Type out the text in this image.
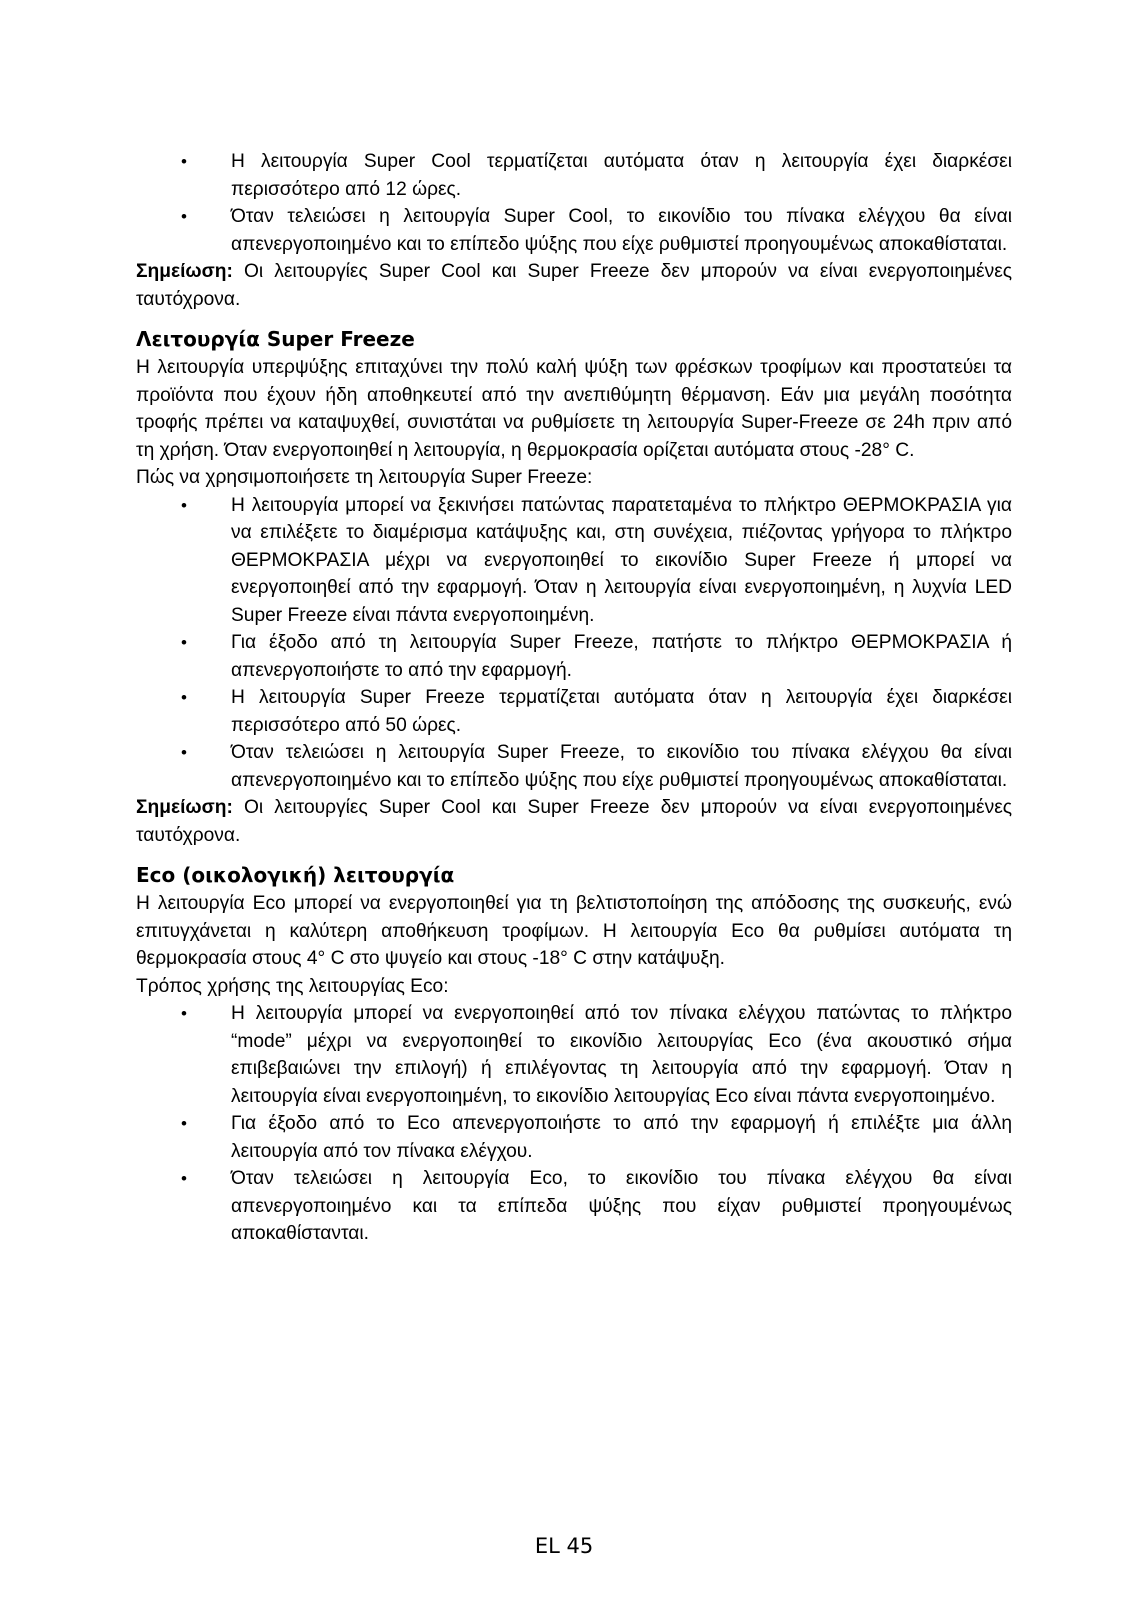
• Η λειτουργία Super Cool τερματίζεται αυτόματα όταν η λειτουργία έχει διαρκέσει περισσότερο από 12 ώρες.
• Όταν τελειώσει η λειτουργία Super Cool, το εικονίδιο του πίνακα ελέγχου θα είναι απενεργοποιημένο και το επίπεδο ψύξης που είχε ρυθμιστεί προηγουμένως αποκαθίσταται.

Σημείωση: Οι λειτουργίες Super Cool και Super Freeze δεν μπορούν να είναι ενεργοποιημένες ταυτόχρονα.

Λειτουργία Super Freeze

Η λειτουργία υπερψύξης επιταχύνει την πολύ καλή ψύξη των φρέσκων τροφίμων και προστατεύει τα προϊόντα που έχουν ήδη αποθηκευτεί από την ανεπιθύμητη θέρμανση. Εάν μια μεγάλη ποσότητα τροφής πρέπει να καταψυχθεί, συνιστάται να ρυθμίσετε τη λειτουργία Super-Freeze σε 24h πριν από τη χρήση. Όταν ενεργοποιηθεί η λειτουργία, η θερμοκρασία ορίζεται αυτόματα στους -28° C.

Πώς να χρησιμοποιήσετε τη λειτουργία Super Freeze:

• Η λειτουργία μπορεί να ξεκινήσει πατώντας παρατεταμένα το πλήκτρο ΘΕΡΜΟΚΡΑΣΙΑ για να επιλέξετε το διαμέρισμα κατάψυξης και, στη συνέχεια, πιέζοντας γρήγορα το πλήκτρο ΘΕΡΜΟΚΡΑΣΙΑ μέχρι να ενεργοποιηθεί το εικονίδιο Super Freeze ή μπορεί να ενεργοποιηθεί από την εφαρμογή. Όταν η λειτουργία είναι ενεργοποιημένη, η λυχνία LED Super Freeze είναι πάντα ενεργοποιημένη.
• Για έξοδο από τη λειτουργία Super Freeze, πατήστε το πλήκτρο ΘΕΡΜΟΚΡΑΣΙΑ ή απενεργοποιήστε το από την εφαρμογή.
• Η λειτουργία Super Freeze τερματίζεται αυτόματα όταν η λειτουργία έχει διαρκέσει περισσότερο από 50 ώρες.
• Όταν τελειώσει η λειτουργία Super Freeze, το εικονίδιο του πίνακα ελέγχου θα είναι απενεργοποιημένο και το επίπεδο ψύξης που είχε ρυθμιστεί προηγουμένως αποκαθίσταται.

Σημείωση: Οι λειτουργίες Super Cool και Super Freeze δεν μπορούν να είναι ενεργοποιημένες ταυτόχρονα.

Eco (οικολογική) λειτουργία

Η λειτουργία Eco μπορεί να ενεργοποιηθεί για τη βελτιστοποίηση της απόδοσης της συσκευής, ενώ επιτυγχάνεται η καλύτερη αποθήκευση τροφίμων. Η λειτουργία Eco θα ρυθμίσει αυτόματα τη θερμοκρασία στους 4° C στο ψυγείο και στους -18° C στην κατάψυξη.

Τρόπος χρήσης της λειτουργίας Eco:

• Η λειτουργία μπορεί να ενεργοποιηθεί από τον πίνακα ελέγχου πατώντας το πλήκτρο “mode” μέχρι να ενεργοποιηθεί το εικονίδιο λειτουργίας Eco (ένα ακουστικό σήμα επιβεβαιώνει την επιλογή) ή επιλέγοντας τη λειτουργία από την εφαρμογή. Όταν η λειτουργία είναι ενεργοποιημένη, το εικονίδιο λειτουργίας Eco είναι πάντα ενεργοποιημένο.
• Για έξοδο από το Eco απενεργοποιήστε το από την εφαρμογή ή επιλέξτε μια άλλη λειτουργία από τον πίνακα ελέγχου.
• Όταν τελειώσει η λειτουργία Eco, το εικονίδιο του πίνακα ελέγχου θα είναι απενεργοποιημένο και τα επίπεδα ψύξης που είχαν ρυθμιστεί προηγουμένως αποκαθίστανται.
EL 45
